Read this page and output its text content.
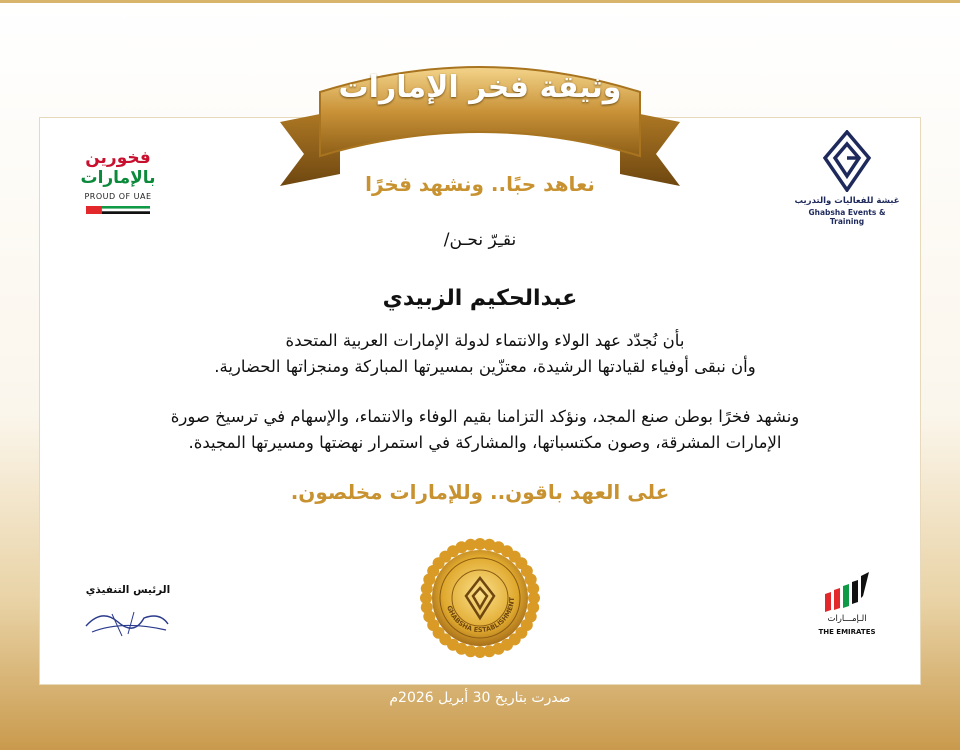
وثيقة فخر الإمارات
فخورين
بالإمارات
PROUD OF UAE	غبشة للفعاليات والتدريب
Ghabsha Events & Training
نعاهد حبًا.. ونشهد فخرًا
نقـِرّ نحـن/
عبدالحكيم الزبيدي
بأن نُجدّد عهد الولاء والانتماء لدولة الإمارات العربية المتحدة
وأن نبقى أوفياء لقيادتها الرشيدة، معتزّين بمسيرتها المباركة ومنجزاتها الحضارية.
ونشهد فخرًا بوطن صنع المجد، ونؤكد التزامنا بقيم الوفاء والانتماء، والإسهام في ترسيخ صورة
الإمارات المشرقة، وصون مكتسباتها، والمشاركة في استمرار نهضتها ومسيرتها المجيدة.
على العهد باقون.. وللإمارات مخلصون.
الرئيس التنفيذي
GHABSHA ESTABLISHMENT
الـإمـــارات
THE EMIRATES
صدرت بتاريخ 30 أبريل 2026م
